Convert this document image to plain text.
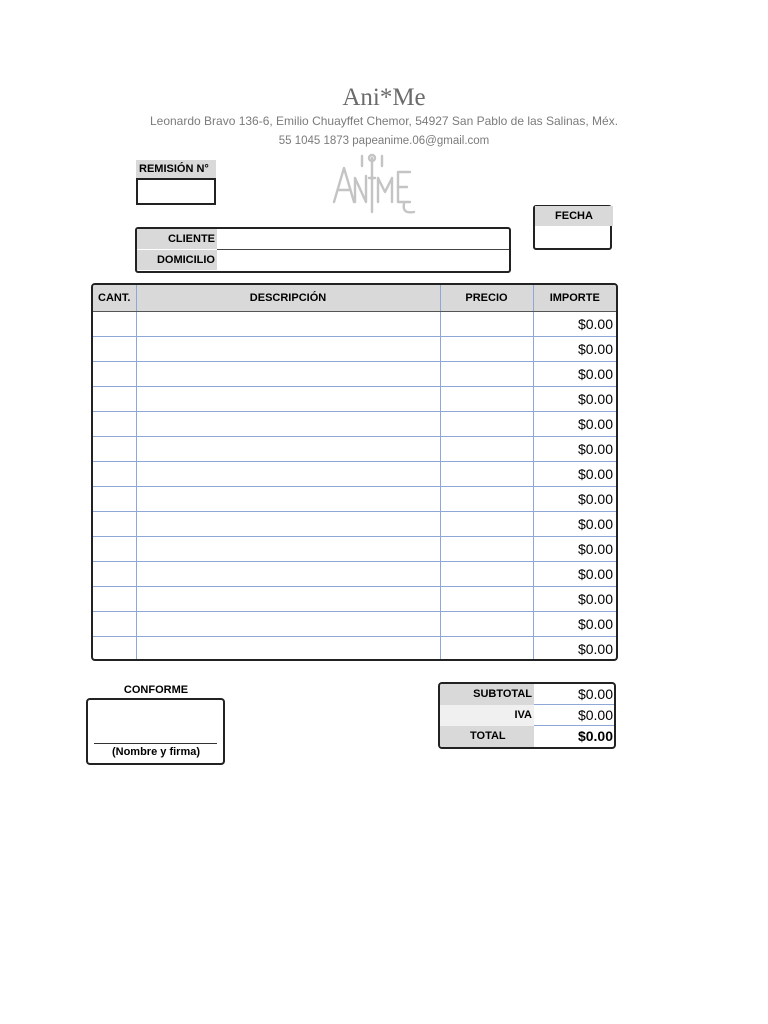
Ani*Me
Leonardo Bravo 136-6, Emilio Chuayffet Chemor, 54927 San Pablo de las Salinas, Méx.
55 1045 1873 papeanime.06@gmail.com
REMISIÓN N°
FECHA
CLIENTE
DOMICILIO
CANT.	DESCRIPCIÓN	PRECIO	IMPORTE
			$0.00
			$0.00
			$0.00
			$0.00
			$0.00
			$0.00
			$0.00
			$0.00
			$0.00
			$0.00
			$0.00
			$0.00
			$0.00
			$0.00
CONFORME
(Nombre y firma)
SUBTOTAL	$0.00
IVA	$0.00
TOTAL	$0.00
